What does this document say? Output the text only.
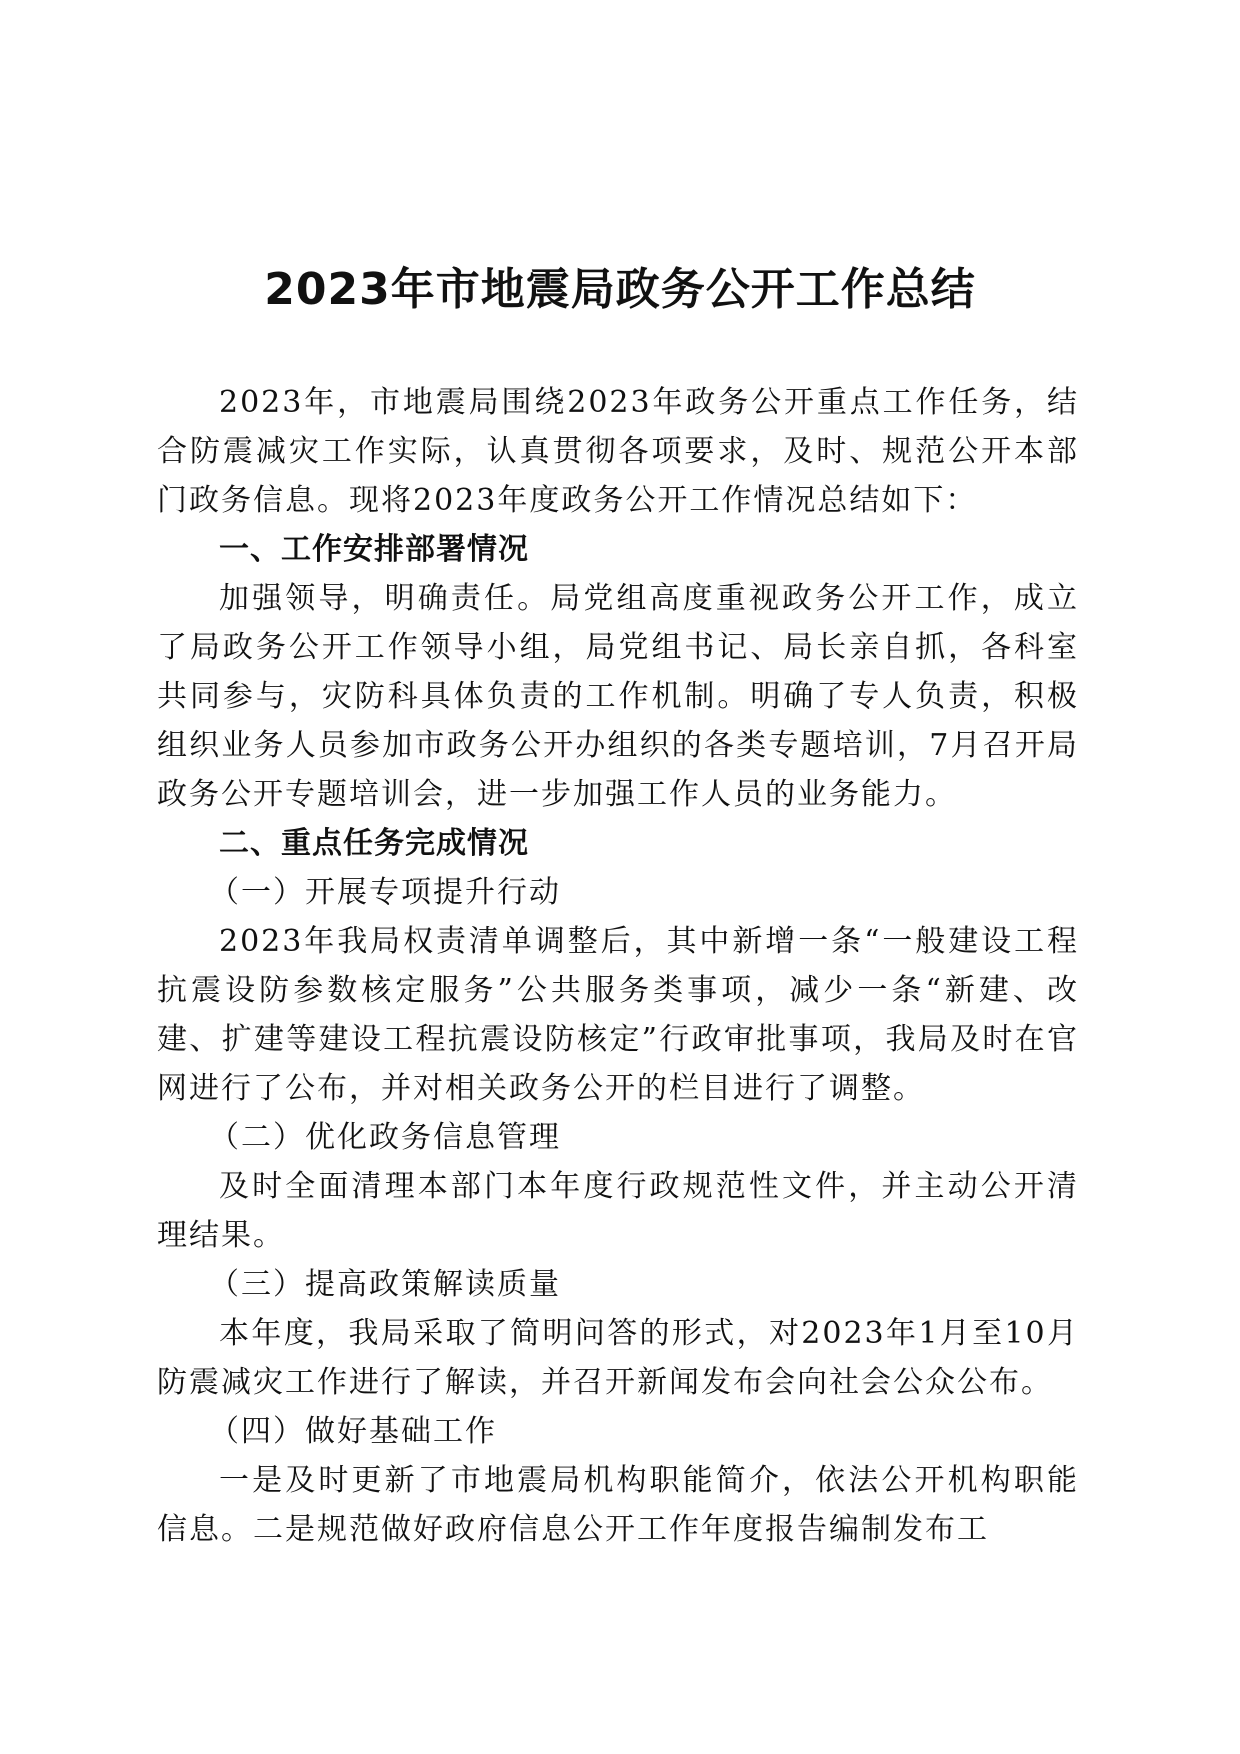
2023年市地震局政务公开工作总结

2023年，市地震局围绕2023年政务公开重点工作任务，结合防震减灾工作实际，认真贯彻各项要求，及时、规范公开本部门政务信息。现将2023年度政务公开工作情况总结如下：

一、工作安排部署情况

加强领导，明确责任。局党组高度重视政务公开工作，成立了局政务公开工作领导小组，局党组书记、局长亲自抓，各科室共同参与，灾防科具体负责的工作机制。明确了专人负责，积极组织业务人员参加市政务公开办组织的各类专题培训，7月召开局政务公开专题培训会，进一步加强工作人员的业务能力。

二、重点任务完成情况

（一）开展专项提升行动

2023年我局权责清单调整后，其中新增一条“一般建设工程抗震设防参数核定服务”公共服务类事项，减少一条“新建、改建、扩建等建设工程抗震设防核定”行政审批事项，我局及时在官网进行了公布，并对相关政务公开的栏目进行了调整。

（二）优化政务信息管理

及时全面清理本部门本年度行政规范性文件，并主动公开清理结果。

（三）提高政策解读质量

本年度，我局采取了简明问答的形式，对2023年1月至10月防震减灾工作进行了解读，并召开新闻发布会向社会公众公布。

（四）做好基础工作

一是及时更新了市地震局机构职能简介，依法公开机构职能信息。二是规范做好政府信息公开工作年度报告编制发布工
